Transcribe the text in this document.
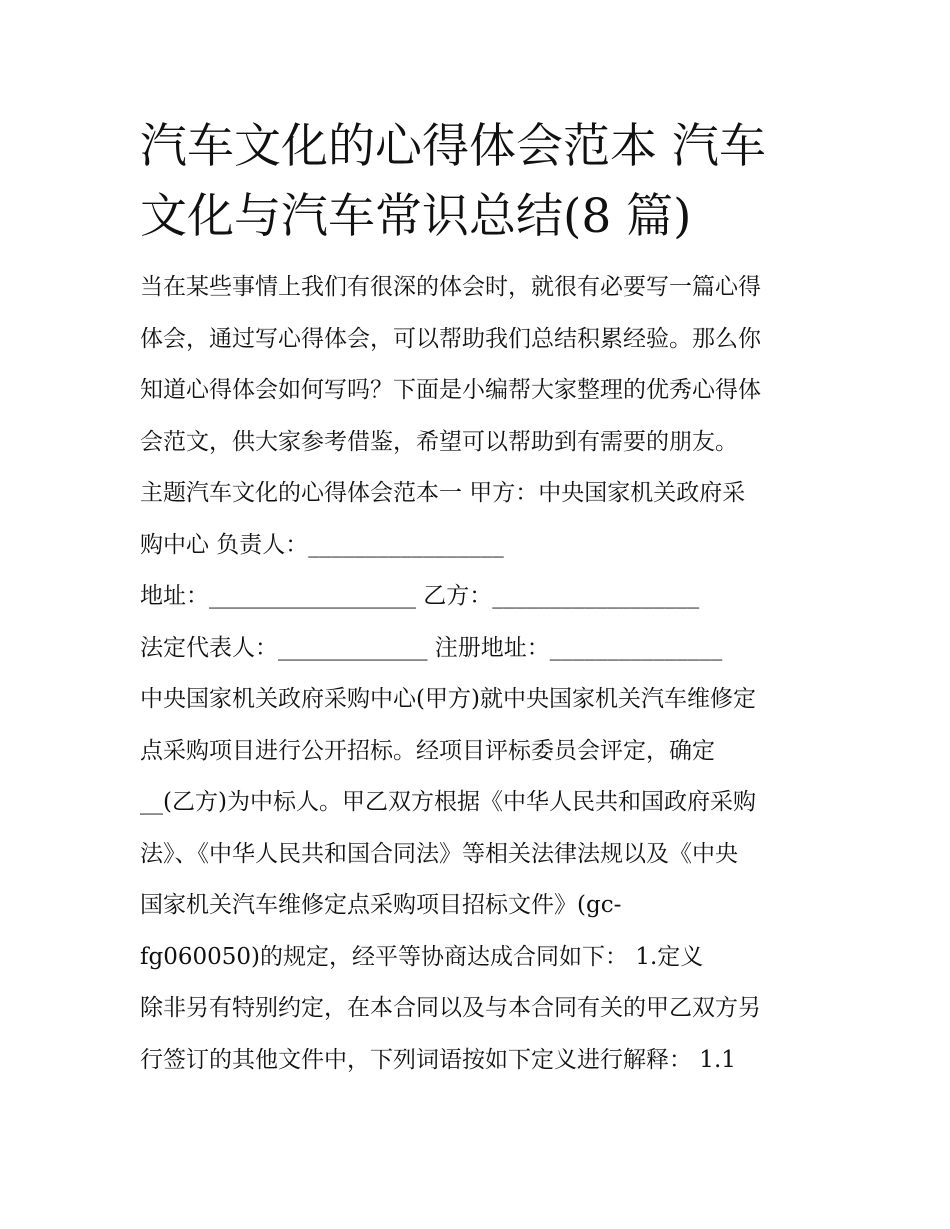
汽车文化的心得体会范本 汽车
文化与汽车常识总结(8 篇)
当在某些事情上我们有很深的体会时，就很有必要写一篇心得
体会，通过写心得体会，可以帮助我们总结积累经验。那么你
知道心得体会如何写吗？下面是小编帮大家整理的优秀心得体
会范文，供大家参考借鉴，希望可以帮助到有需要的朋友。
主题汽车文化的心得体会范本一 甲方：中央国家机关政府采
购中心 负责人：_________________
地址：__________________ 乙方：__________________
法定代表人：_____________ 注册地址：_______________
中央国家机关政府采购中心(甲方)就中央国家机关汽车维修定
点采购项目进行公开招标。经项目评标委员会评定，确定
__(乙方)为中标人。甲乙双方根据《中华人民共和国政府采购
法》、《中华人民共和国合同法》等相关法律法规以及《中央
国家机关汽车维修定点采购项目招标文件》(gc-
fg060050)的规定，经平等协商达成合同如下： 1.定义
除非另有特别约定，在本合同以及与本合同有关的甲乙双方另
行签订的其他文件中，下列词语按如下定义进行解释： 1.1
